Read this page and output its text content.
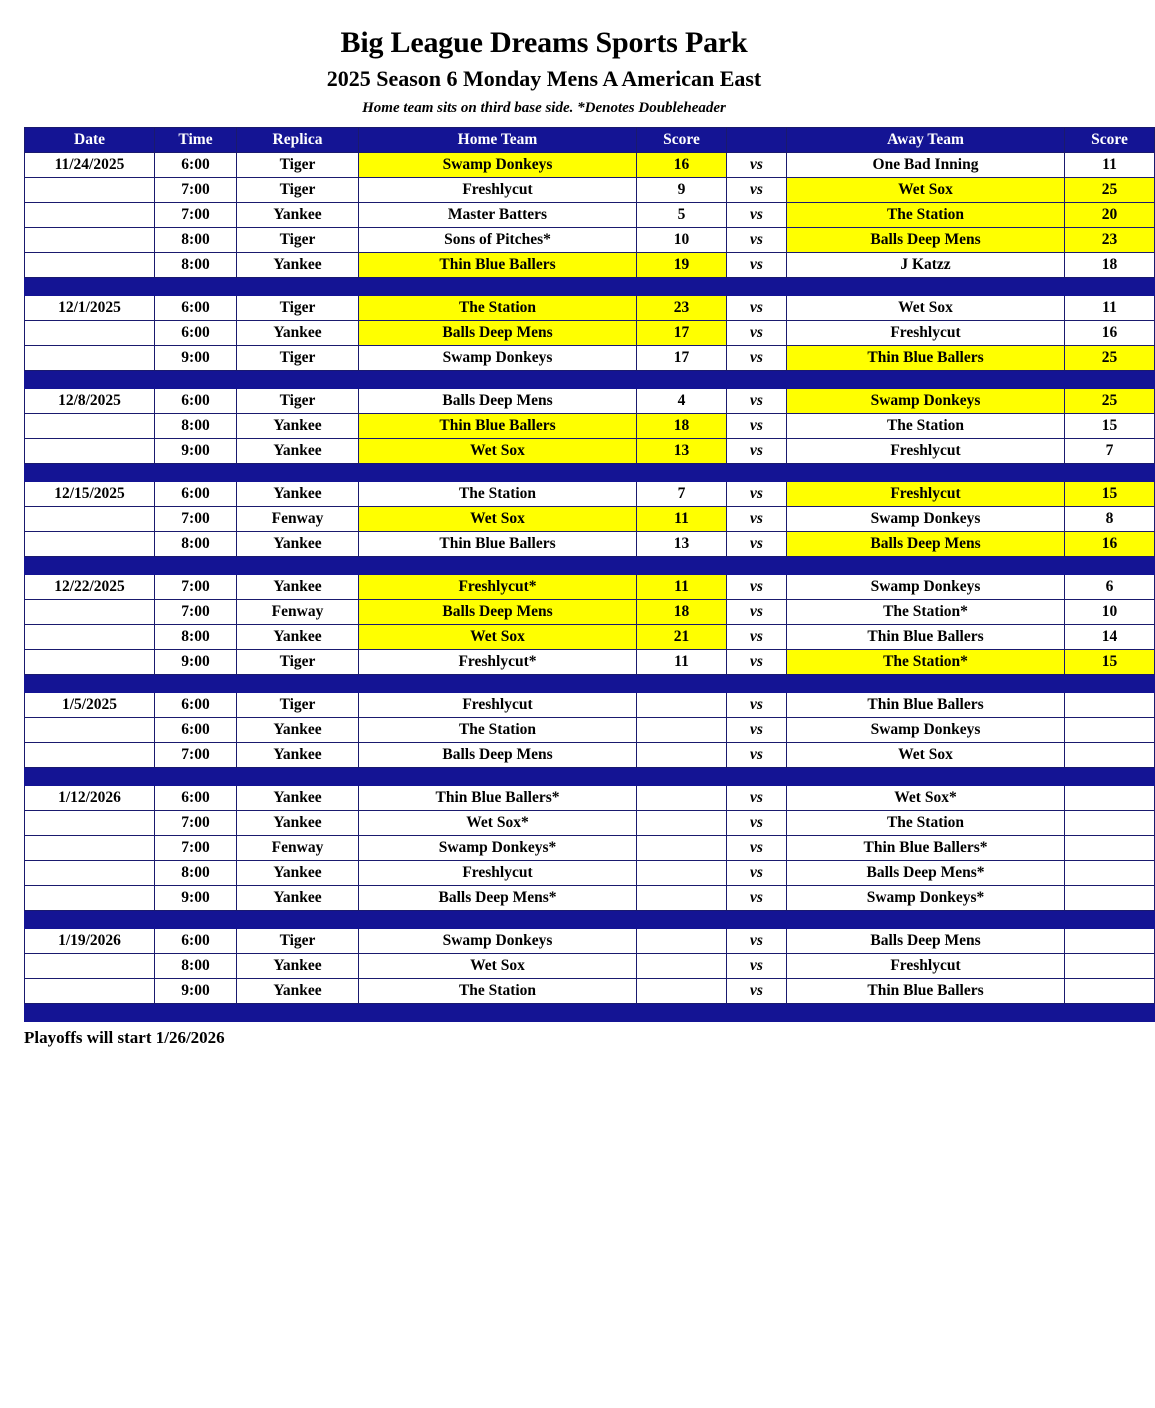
Big League Dreams Sports Park
2025 Season 6 Monday Mens A American East
Home team sits on third base side. *Denotes Doubleheader
Date	Time	Replica	Home Team	Score		Away Team	Score
11/24/2025	6:00	Tiger	Swamp Donkeys	16	vs	One Bad Inning	11
	7:00	Tiger	Freshlycut	9	vs	Wet Sox	25
	7:00	Yankee	Master Batters	5	vs	The Station	20
	8:00	Tiger	Sons of Pitches*	10	vs	Balls Deep Mens	23
	8:00	Yankee	Thin Blue Ballers	19	vs	J Katzz	18

12/1/2025	6:00	Tiger	The Station	23	vs	Wet Sox	11
	6:00	Yankee	Balls Deep Mens	17	vs	Freshlycut	16
	9:00	Tiger	Swamp Donkeys	17	vs	Thin Blue Ballers	25

12/8/2025	6:00	Tiger	Balls Deep Mens	4	vs	Swamp Donkeys	25
	8:00	Yankee	Thin Blue Ballers	18	vs	The Station	15
	9:00	Yankee	Wet Sox	13	vs	Freshlycut	7

12/15/2025	6:00	Yankee	The Station	7	vs	Freshlycut	15
	7:00	Fenway	Wet Sox	11	vs	Swamp Donkeys	8
	8:00	Yankee	Thin Blue Ballers	13	vs	Balls Deep Mens	16

12/22/2025	7:00	Yankee	Freshlycut*	11	vs	Swamp Donkeys	6
	7:00	Fenway	Balls Deep Mens	18	vs	The Station*	10
	8:00	Yankee	Wet Sox	21	vs	Thin Blue Ballers	14
	9:00	Tiger	Freshlycut*	11	vs	The Station*	15

1/5/2025	6:00	Tiger	Freshlycut		vs	Thin Blue Ballers	
	6:00	Yankee	The Station		vs	Swamp Donkeys	
	7:00	Yankee	Balls Deep Mens		vs	Wet Sox	

1/12/2026	6:00	Yankee	Thin Blue Ballers*		vs	Wet Sox*	
	7:00	Yankee	Wet Sox*		vs	The Station	
	7:00	Fenway	Swamp Donkeys*		vs	Thin Blue Ballers*	
	8:00	Yankee	Freshlycut		vs	Balls Deep Mens*	
	9:00	Yankee	Balls Deep Mens*		vs	Swamp Donkeys*	

1/19/2026	6:00	Tiger	Swamp Donkeys		vs	Balls Deep Mens	
	8:00	Yankee	Wet Sox		vs	Freshlycut	
	9:00	Yankee	The Station		vs	Thin Blue Ballers	

Playoffs will start 1/26/2026
